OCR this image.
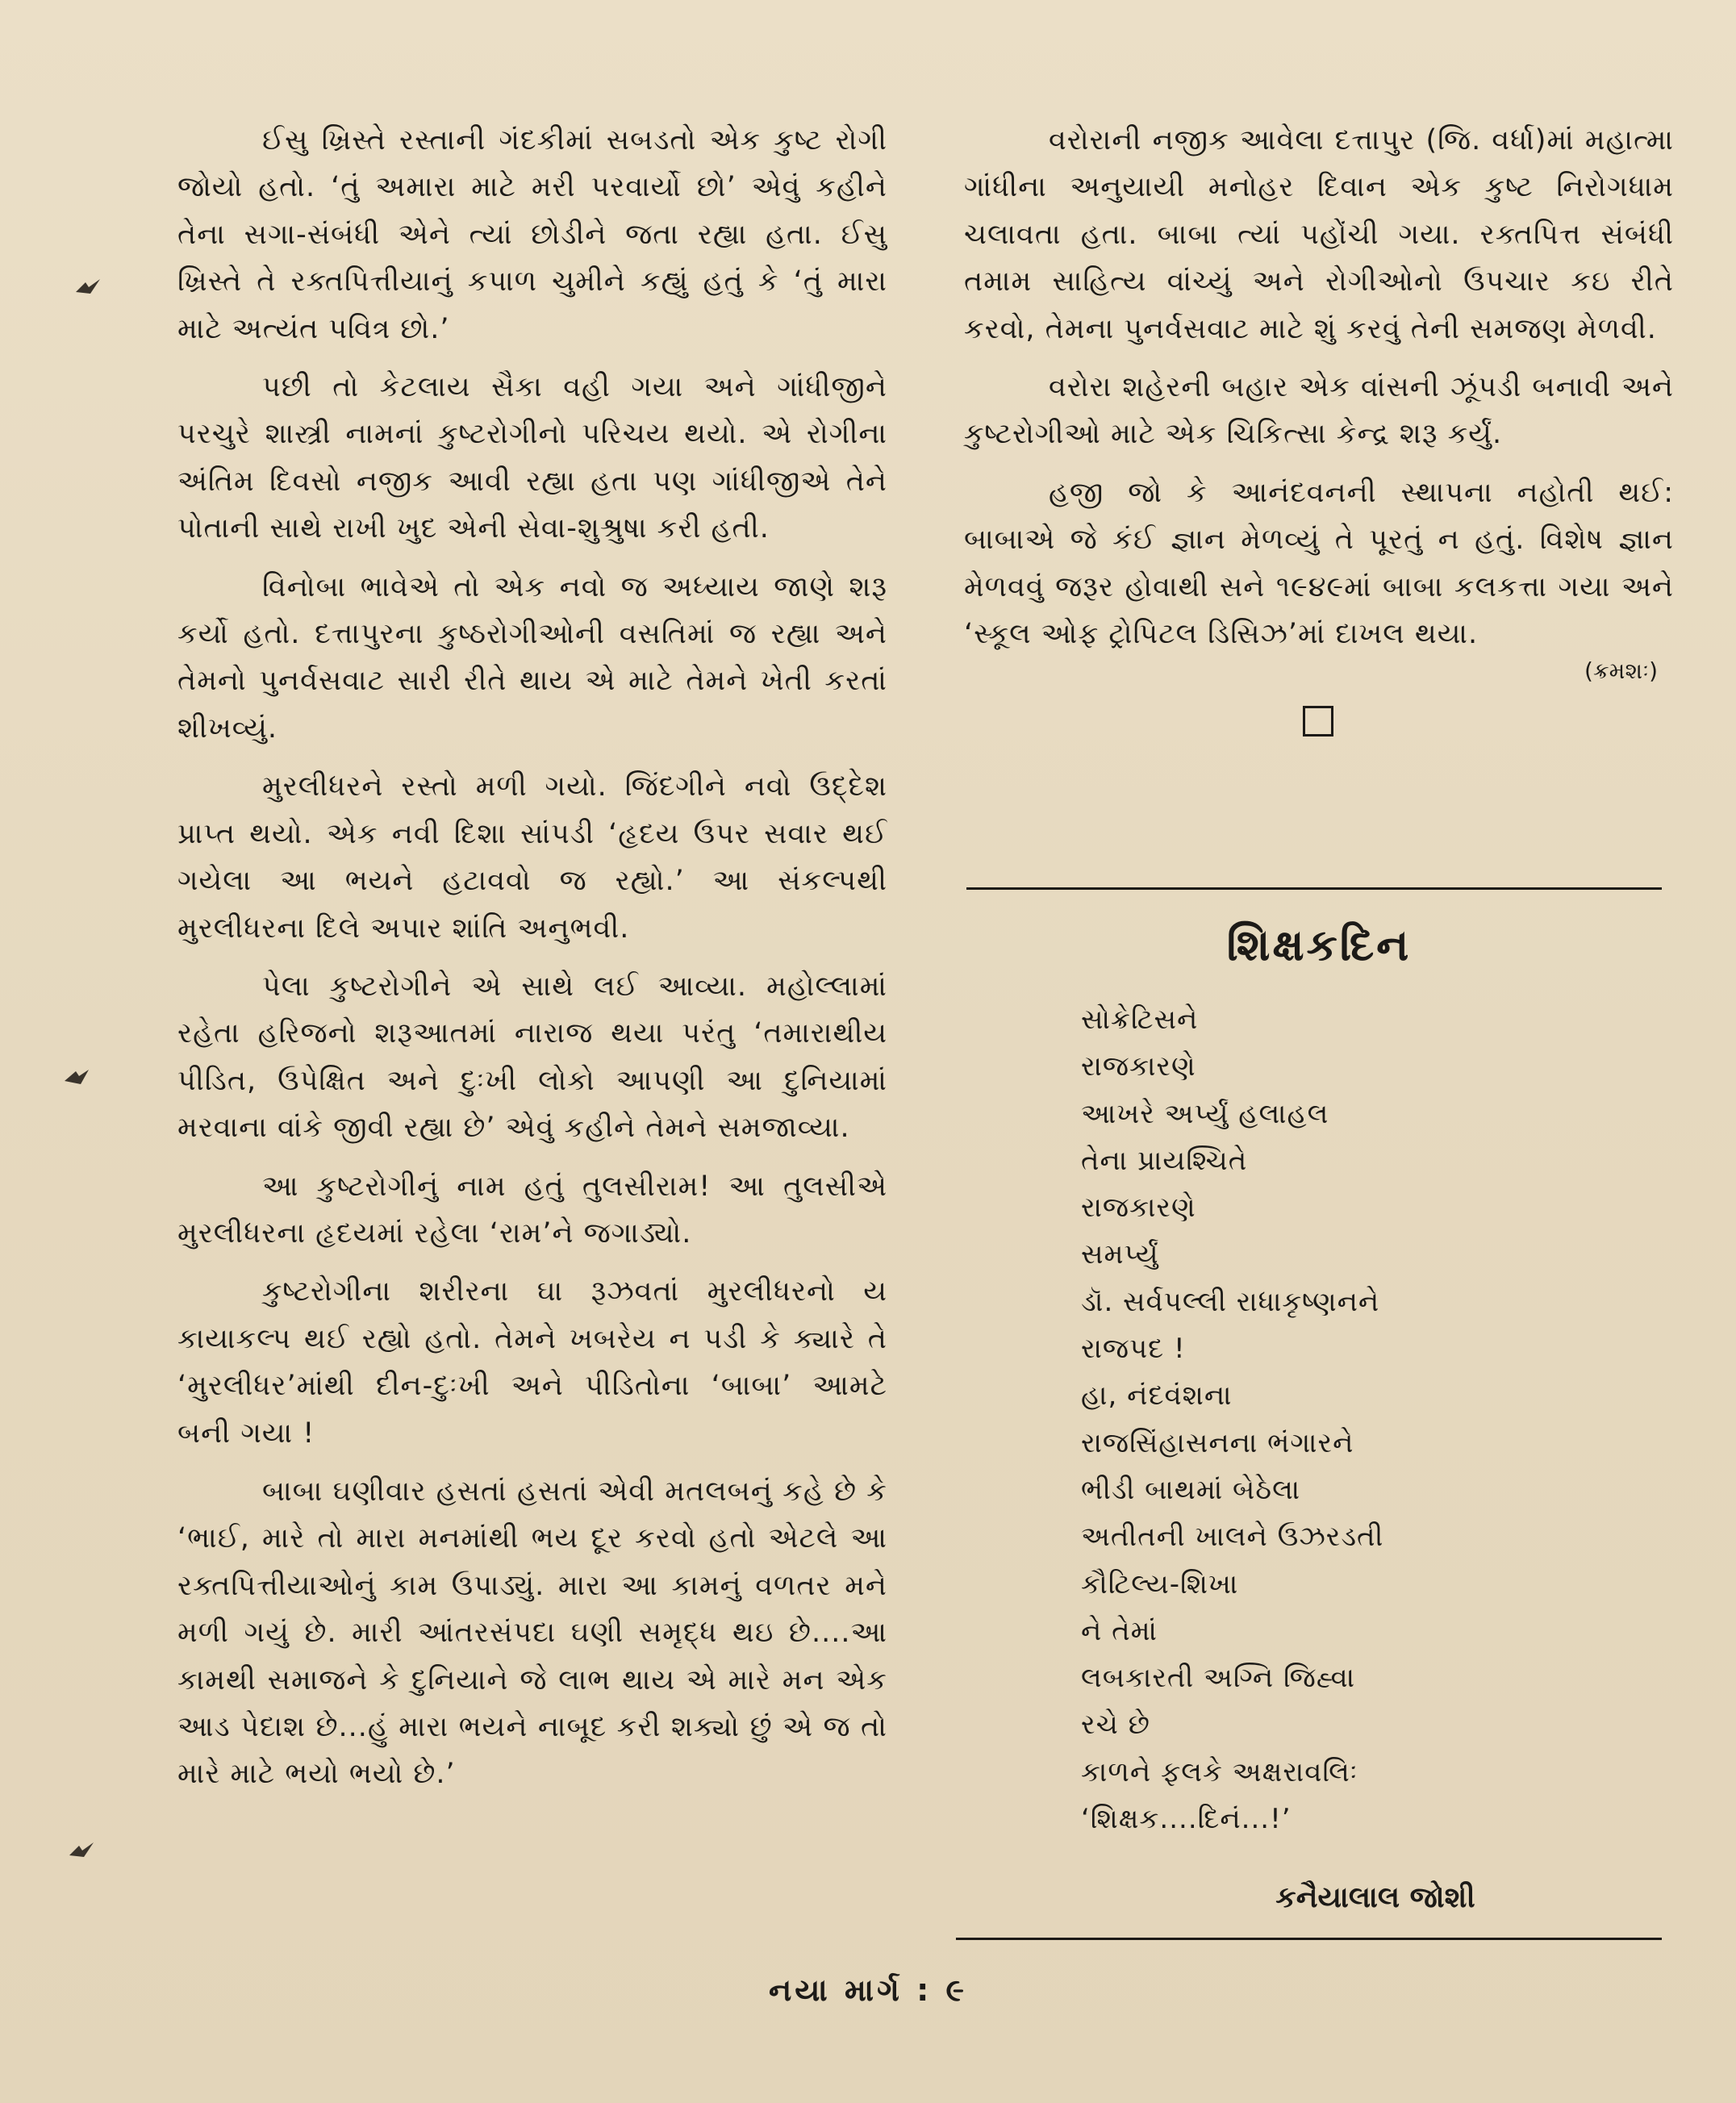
ઈસુ ખ્રિસ્તે રસ્તાની ગંદકીમાં સબડતો એક કુષ્ટ રોગી જોયો હતો. ‘તું અમારા માટે મરી પરવાર્યો છો’ એવું કહીને તેના સગા-સંબંધી એને ત્યાં છોડીને જતા રહ્યા હતા. ઈસુ ખ્રિસ્તે તે રક્તપિત્તીયાનું કપાળ ચુમીને કહ્યું હતું કે ‘તું મારા માટે અત્યંત પવિત્ર છો.’

પછી તો કેટલાય સૈકા વહી ગયા અને ગાંધીજીને પરચુરે શાસ્ત્રી નામનાં કુષ્ટરોગીનો પરિચય થયો. એ રોગીના અંતિમ દિવસો નજીક આવી રહ્યા હતા પણ ગાંધીજીએ તેને પોતાની સાથે રાખી ખુદ એની સેવા-શુશ્રુષા કરી હતી.

વિનોબા ભાવેએ તો એક નવો જ અધ્યાય જાણે શરૂ કર્યો હતો. દત્તાપુરના કુષ્ઠરોગીઓની વસતિમાં જ રહ્યા અને તેમનો પુનર્વસવાટ સારી રીતે થાય એ માટે તેમને ખેતી કરતાં શીખવ્યું.

મુરલીધરને રસ્તો મળી ગયો. જિંદગીને નવો ઉદ્દેશ પ્રાપ્ત થયો. એક નવી દિશા સાંપડી ‘હૃદય ઉપર સવાર થઈ ગયેલા આ ભયને હટાવવો જ રહ્યો.’ આ સંકલ્પથી મુરલીધરના દિલે અપાર શાંતિ અનુભવી.

પેલા કુષ્ટરોગીને એ સાથે લઈ આવ્યા. મહોલ્લામાં રહેતા હરિજનો શરૂઆતમાં નારાજ થયા પરંતુ ‘તમારાથીય પીડિત, ઉપેક્ષિત અને દુઃખી લોકો આપણી આ દુનિયામાં મરવાના વાંકે જીવી રહ્યા છે’ એવું કહીને તેમને સમજાવ્યા.

આ કુષ્ટરોગીનું નામ હતું તુલસીરામ! આ તુલસીએ મુરલીધરના હૃદયમાં રહેલા ‘રામ’ને જગાડ્યો.

કુષ્ટરોગીના શરીરના ઘા રૂઝવતાં મુરલીધરનો ય કાયાકલ્પ થઈ રહ્યો હતો. તેમને ખબરેય ન પડી કે ક્યારે તે ‘મુરલીધર’માંથી દીન-દુઃખી અને પીડિતોના ‘બાબા’ આમટે બની ગયા !

બાબા ઘણીવાર હસતાં હસતાં એવી મતલબનું કહે છે કે ‘ભાઈ, મારે તો મારા મનમાંથી ભય દૂર કરવો હતો એટલે આ રક્તપિત્તીયાઓનું કામ ઉપાડ્યું. મારા આ કામનું વળતર મને મળી ગયું છે. મારી આંતરસંપદા ઘણી સમૃદ્ધ થઇ છે....આ કામથી સમાજને કે દુનિયાને જે લાભ થાય એ મારે મન એક આડ પેદાશ છે...હું મારા ભયને નાબૂદ કરી શક્યો છું એ જ તો મારે માટે ભયો ભયો છે.’

વરોરાની નજીક આવેલા દત્તાપુર (જિ. વર્ધા)માં મહાત્મા ગાંધીના અનુયાયી મનોહર દિવાન એક કુષ્ટ નિરોગધામ ચલાવતા હતા. બાબા ત્યાં પહોંચી ગયા. રક્તપિત્ત સંબંધી તમામ સાહિત્ય વાંચ્યું અને રોગીઓનો ઉપચાર કઇ રીતે કરવો, તેમના પુનર્વસવાટ માટે શું કરવું તેની સમજણ મેળવી.

વરોરા શહેરની બહાર એક વાંસની ઝૂંપડી બનાવી અને કુષ્ટરોગીઓ માટે એક ચિકિત્સા કેન્દ્ર શરૂ કર્યું.

હજી જો કે આનંદવનની સ્થાપના નહોતી થઈ: બાબાએ જે કંઈ જ્ઞાન મેળવ્યું તે પૂરતું ન હતું. વિશેષ જ્ઞાન મેળવવું જરૂર હોવાથી સને ૧૯૪૯માં બાબા કલકત્તા ગયા અને ‘સ્કૂલ ઓફ ટ્રોપિટલ ડિસિઝ’માં દાખલ થયા.

(ક્રમશઃ)
શિક્ષકદિન
સોક્રેટિસને
રાજકારણે
આખરે અર્પ્યું હલાહલ
તેના પ્રાયશ્ચિતે
રાજકારણે
સમર્પ્યું
ડૉ. સર્વપલ્લી રાધાકૃષ્ણનને
રાજપદ !
હા, નંદવંશના
રાજસિંહાસનના ભંગારને
ભીડી બાથમાં બેઠેલા
અતીતની ખાલને ઉઝરડતી
કૌટિલ્ય-શિખા
ને તેમાં
લબકારતી અગ્નિ જિહ્વા
રચે છે
કાળને ફલકે અક્ષરાવલિઃ
‘શિક્ષક....દિનં...!’
કનૈયાલાલ જોશી
નયા માર્ગ : ૯
